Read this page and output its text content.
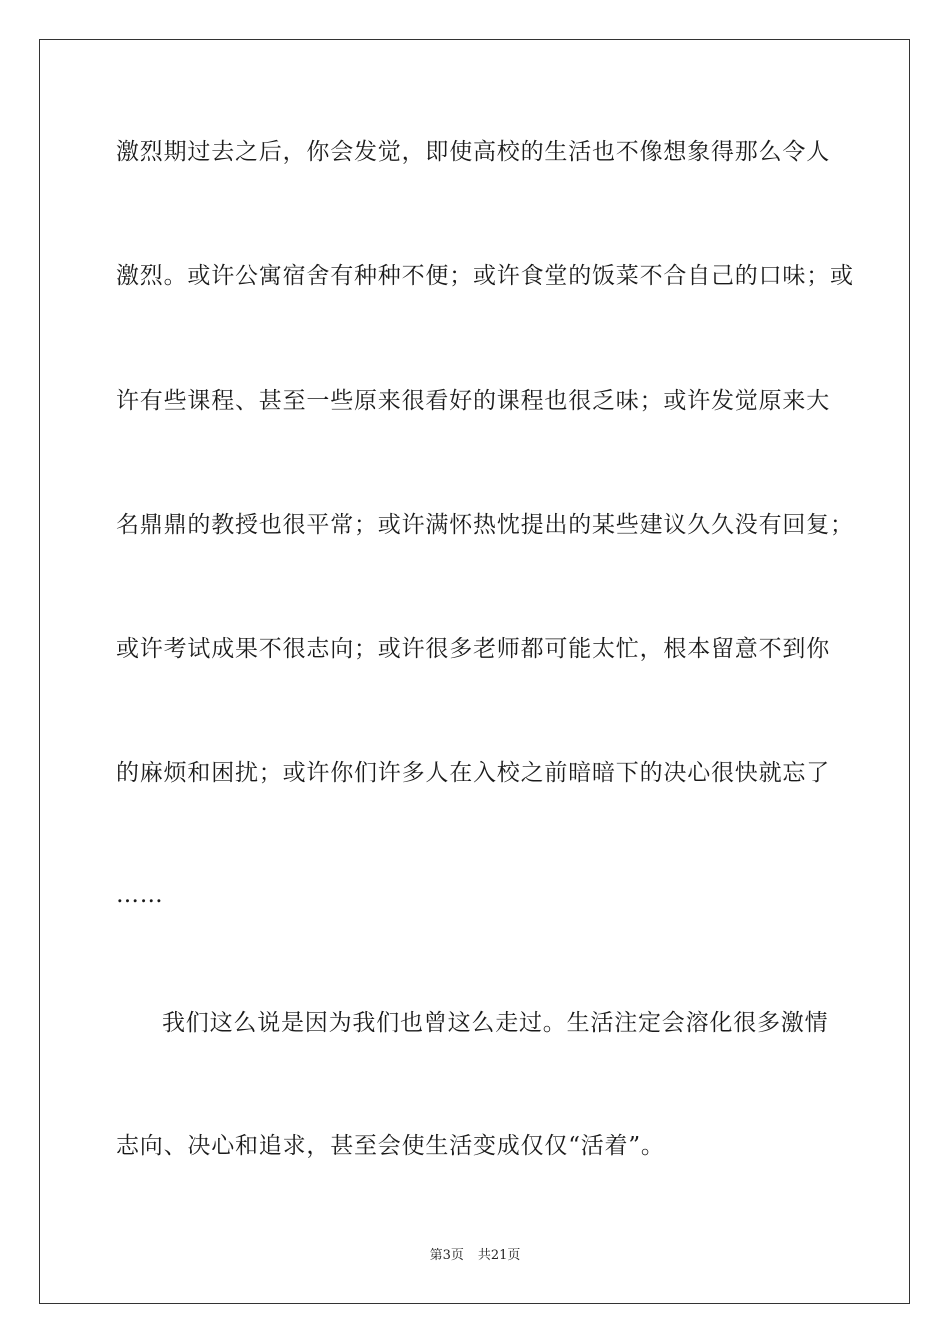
激烈期过去之后，你会发觉，即使高校的生活也不像想象得那么令人
激烈。或许公寓宿舍有种种不便；或许食堂的饭菜不合自己的口味；或
许有些课程、甚至一些原来很看好的课程也很乏味；或许发觉原来大
名鼎鼎的教授也很平常；或许满怀热忱提出的某些建议久久没有回复；
或许考试成果不很志向；或许很多老师都可能太忙，根本留意不到你
的麻烦和困扰；或许你们许多人在入校之前暗暗下的决心很快就忘了
……
我们这么说是因为我们也曾这么走过。生活注定会溶化很多激情
志向、决心和追求，甚至会使生活变成仅仅“活着”。
第3页 共21页
